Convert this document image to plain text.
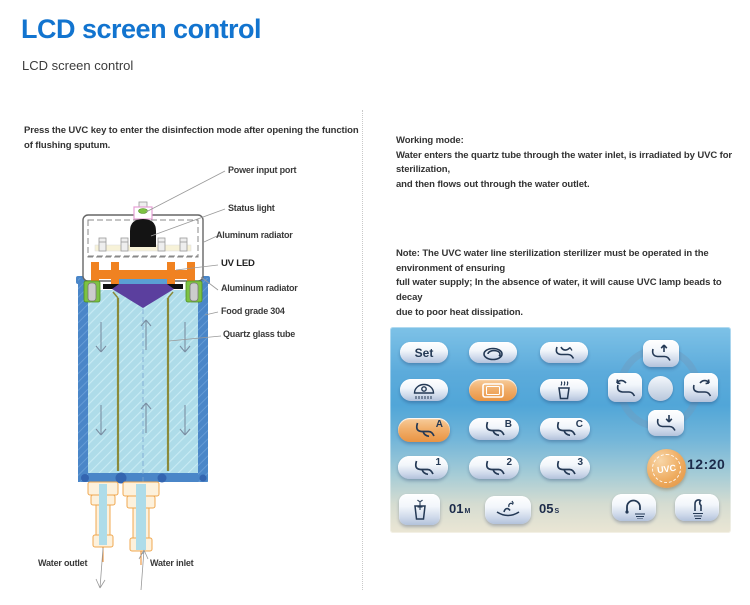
LCD screen control
LCD screen control
Press the UVC key to enter the disinfection mode after opening the function of flushing sputum.	Working mode:
Water enters the quartz tube through the water inlet, is irradiated by UVC for sterilization,
and then flows out through the water outlet.
Note: The UVC water line sterilization sterilizer must be operated in the environment of ensuring
full water supply; In the absence of water, it will cause UVC lamp beads to decay
due to poor heat dissipation.
Power input port
Status light
Aluminum radiator
UV LED
Aluminum radiator
Food grade 304
Quartz glass tube
Water outlet	Water inlet
Set
A	B	C
1	2	3
01M	05S
UVC 12:20
